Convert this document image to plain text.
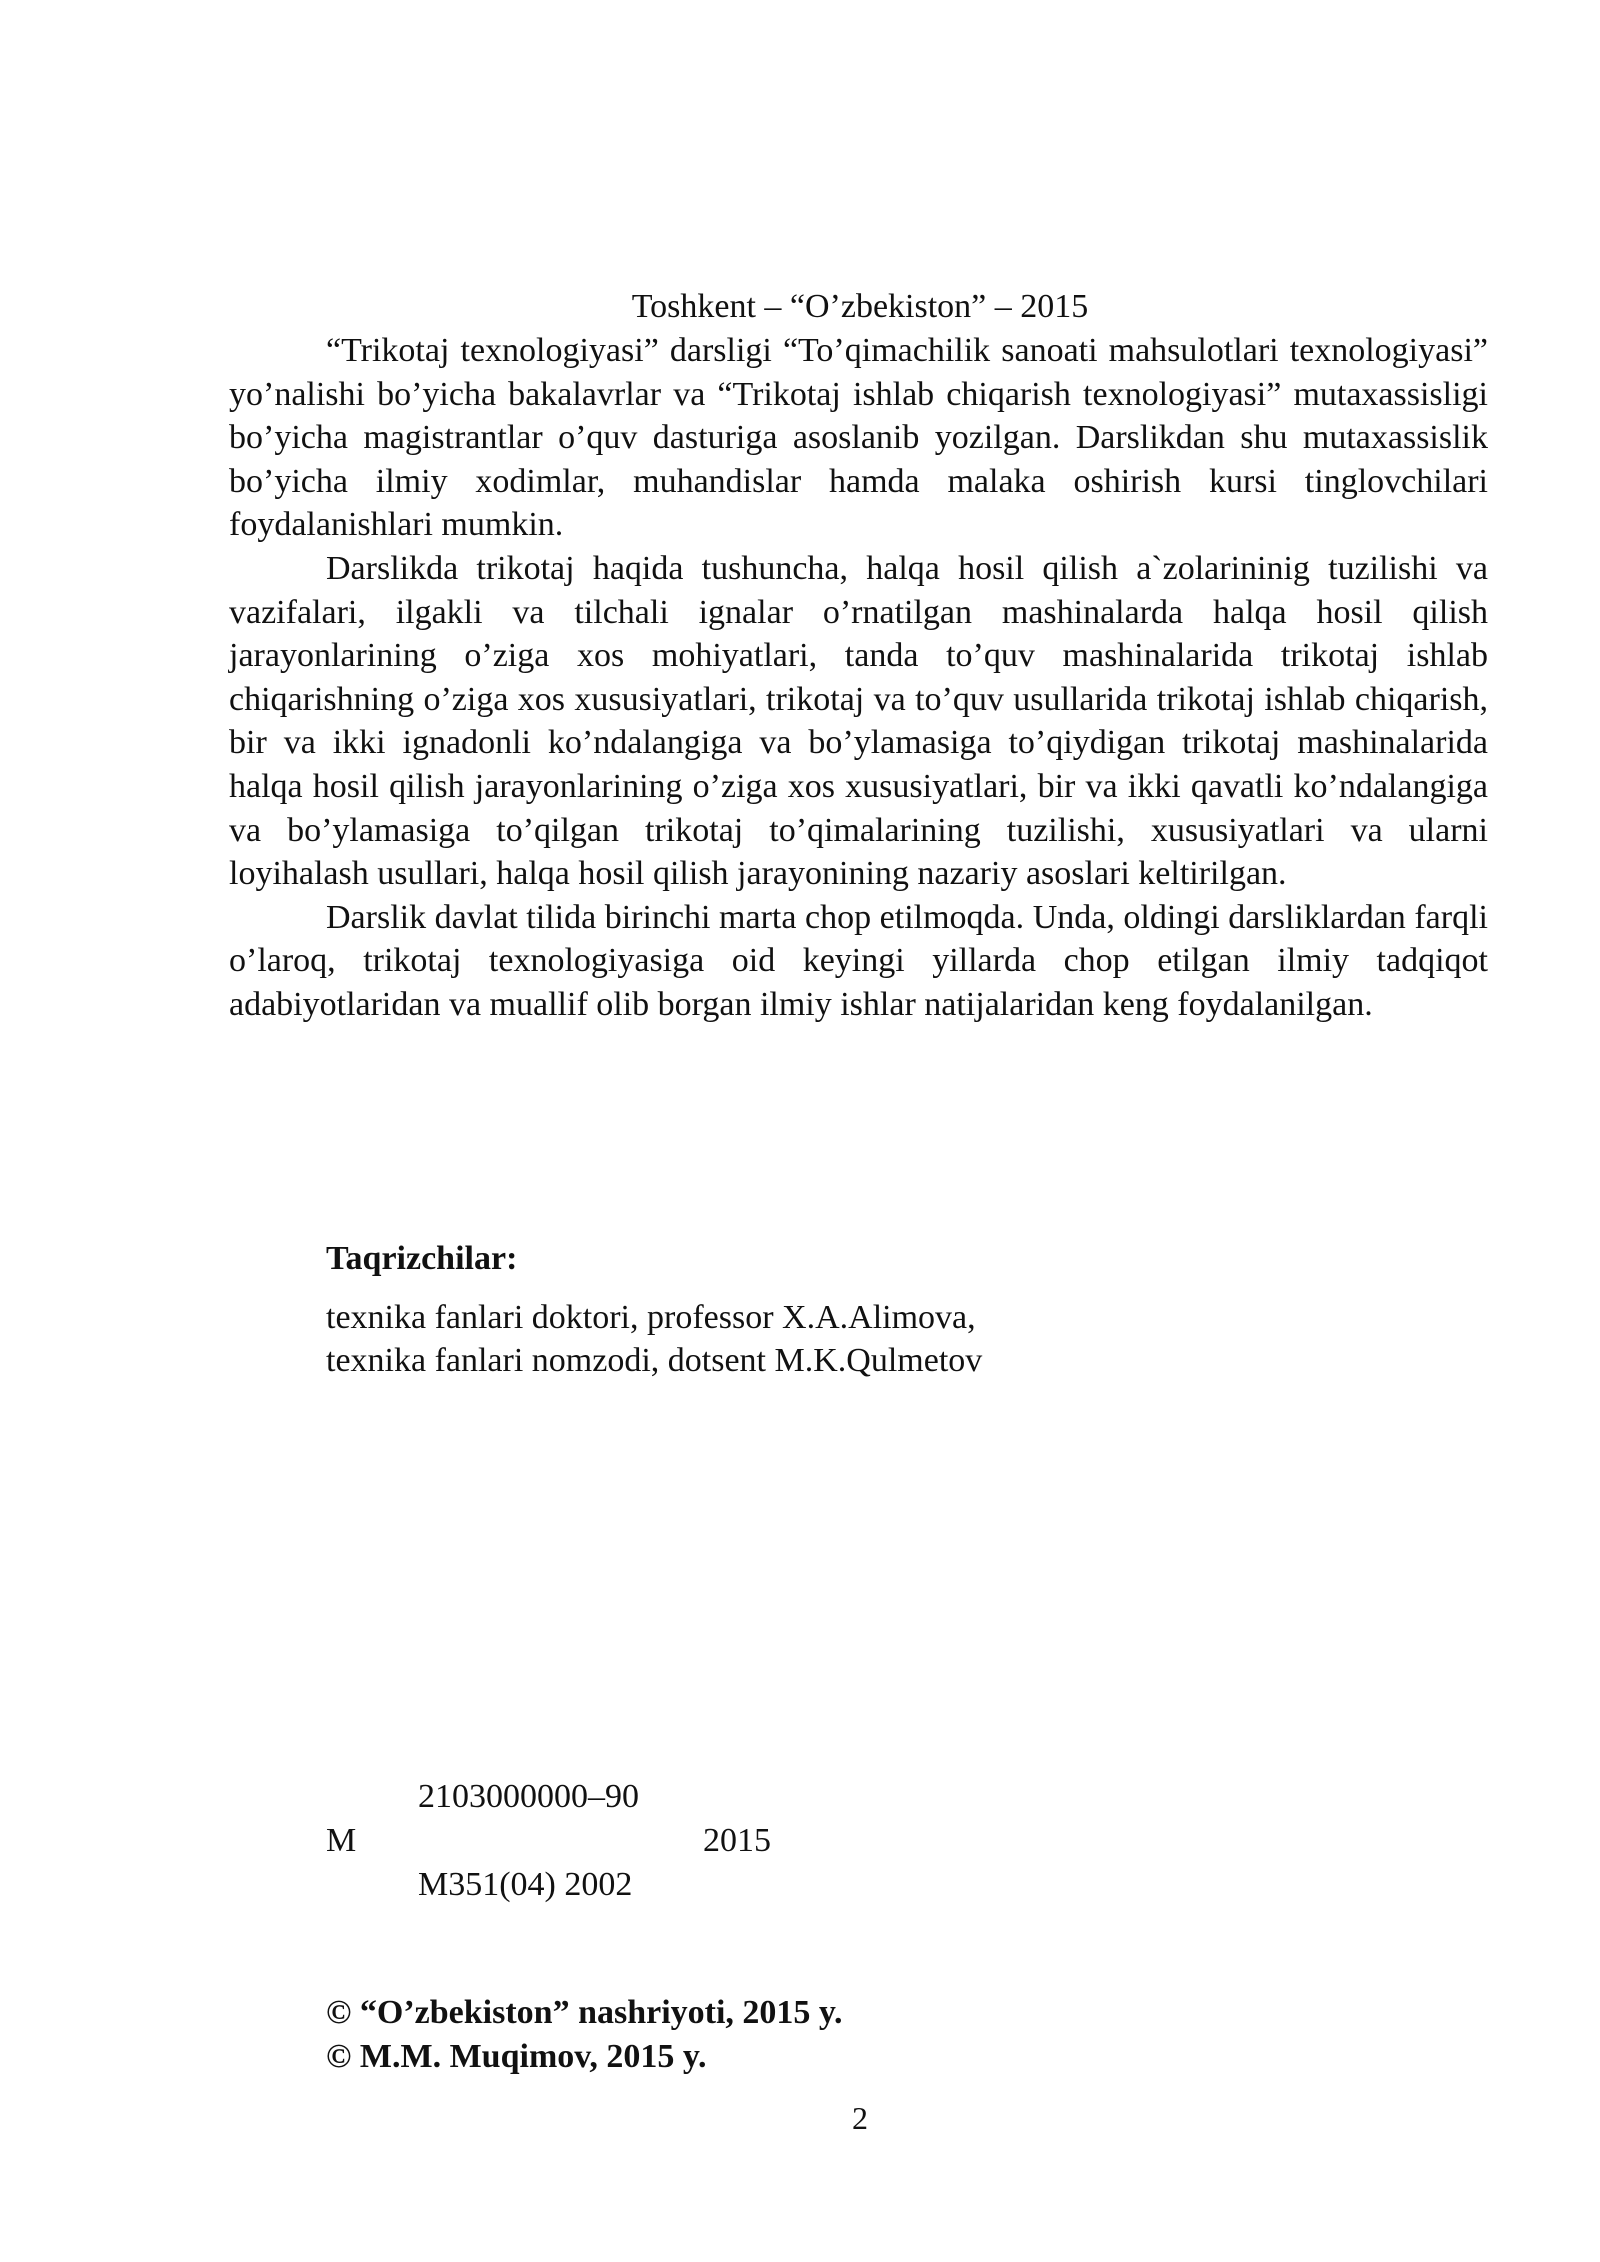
Toshkent – “O’zbekiston” – 2015

“Trikotaj texnologiyasi” darsligi “To’qimachilik sanoati mahsulotlari texnologiyasi” yo’nalishi bo’yicha bakalavrlar va “Trikotaj ishlab chiqarish texnologiyasi” mutaxassisligi bo’yicha magistrantlar o’quv dasturiga asoslanib yozilgan. Darslikdan shu mutaxassislik bo’yicha ilmiy xodimlar, muhandislar hamda malaka oshirish kursi tinglovchilari foydalanishlari mumkin.

Darslikda trikotaj haqida tushuncha, halqa hosil qilish a`zolarininig tuzilishi va vazifalari, ilgakli va tilchali ignalar o’rnatilgan mashinalarda halqa hosil qilish jarayonlarining o’ziga xos mohiyatlari, tanda to’quv mashinalarida trikotaj ishlab chiqarishning o’ziga xos xususiyatlari, trikotaj va to’quv usullarida trikotaj ishlab chiqarish, bir va ikki ignadonli ko’ndalangiga va bo’ylamasiga to’qiydigan trikotaj mashinalarida halqa hosil qilish jarayonlarining o’ziga xos xususiyatlari, bir va ikki qavatli ko’ndalangiga va bo’ylamasiga to’qilgan trikotaj to’qimalarining tuzilishi, xususiyatlari va ularni loyihalash usullari, halqa hosil qilish jarayonining nazariy asoslari keltirilgan.

Darslik davlat tilida birinchi marta chop etilmoqda. Unda, oldingi darsliklardan farqli o’laroq, trikotaj texnologiyasiga oid keyingi yillarda chop etilgan ilmiy tadqiqot adabiyotlaridan va muallif olib borgan ilmiy ishlar natijalaridan keng foydalanilgan.

Taqrizchilar:
texnika fanlari doktori, professor X.A.Alimova,
texnika fanlari nomzodi, dotsent M.K.Qulmetov
2103000000–90
M	2015
M351(04) 2002
© “O’zbekiston” nashriyoti, 2015 y.
© M.M. Muqimov, 2015 y.
2
